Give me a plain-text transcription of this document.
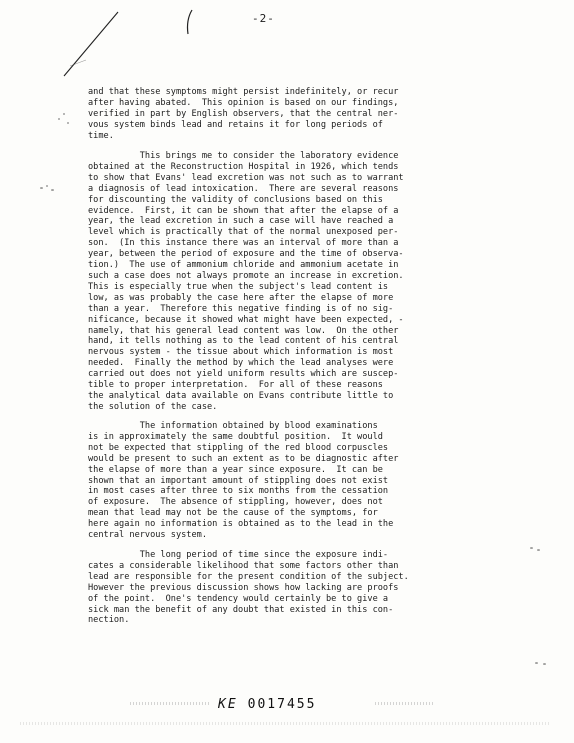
-2-
and that these symptoms might persist indefinitely, or recur
after having abated.  This opinion is based on our findings,
verified in part by English observers, that the central ner-
vous system binds lead and retains it for long periods of
time.
This brings me to consider the laboratory evidence
obtained at the Reconstruction Hospital in 1926, which tends
to show that Evans' lead excretion was not such as to warrant
a diagnosis of lead intoxication.  There are several reasons
for discounting the validity of conclusions based on this
evidence.  First, it can be shown that after the elapse of a
year, the lead excretion in such a case will have reached a
level which is practically that of the normal unexposed per-
son.  (In this instance there was an interval of more than a
year, between the period of exposure and the time of observa-
tion.)  The use of ammonium chloride and ammonium acetate in
such a case does not always promote an increase in excretion.
This is especially true when the subject's lead content is
low, as was probably the case here after the elapse of more
than a year.  Therefore this negative finding is of no sig-
nificance, because it showed what might have been expected, -
namely, that his general lead content was low.  On the other
hand, it tells nothing as to the lead content of his central
nervous system - the tissue about which information is most
needed.  Finally the method by which the lead analyses were
carried out does not yield uniform results which are suscep-
tible to proper interpretation.  For all of these reasons
the analytical data available on Evans contribute little to
the solution of the case.
The information obtained by blood examinations
is in approximately the same doubtful position.  It would
not be expected that stippling of the red blood corpuscles
would be present to such an extent as to be diagnostic after
the elapse of more than a year since exposure.  It can be
shown that an important amount of stippling does not exist
in most cases after three to six months from the cessation
of exposure.  The absence of stippling, however, does not
mean that lead may not be the cause of the symptoms, for
here again no information is obtained as to the lead in the
central nervous system.
The long period of time since the exposure indi-
cates a considerable likelihood that some factors other than
lead are responsible for the present condition of the subject.
However the previous discussion shows how lacking are proofs
of the point.  One's tendency would certainly be to give a
sick man the benefit of any doubt that existed in this con-
nection.
KE 0017455
